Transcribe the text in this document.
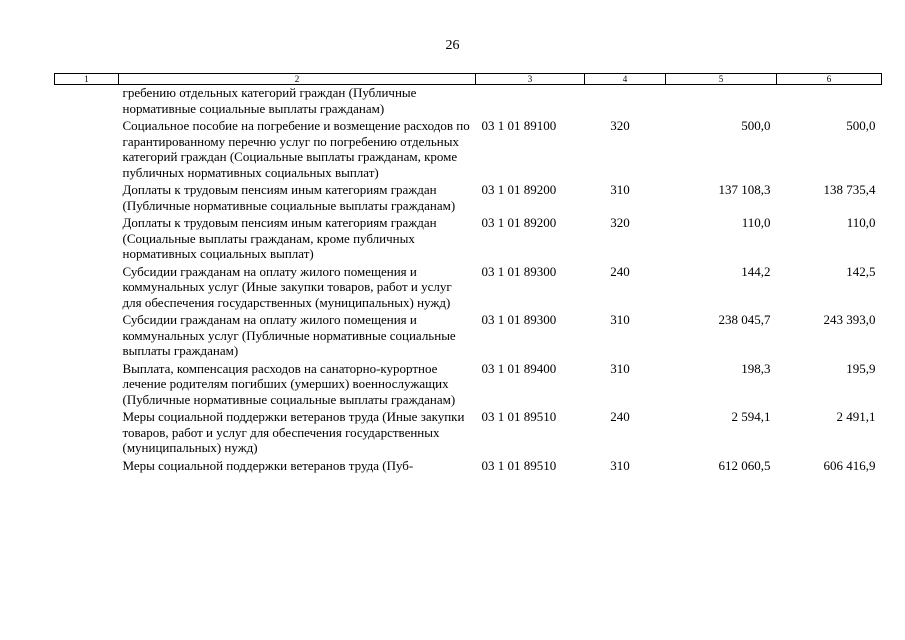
26
1	2	3	4	5	6
	гребению отдельных категорий граждан (Публичные нормативные социальные выплаты гражданам)				
	Социальное пособие на погребение и возмещение расходов по гарантированному перечню услуг по погребению отдельных категорий граждан (Социальные выплаты гражданам, кроме публичных нормативных социальных выплат)	03 1 01 89100	320	500,0	500,0
	Доплаты к трудовым пенсиям иным категориям граждан (Публичные нормативные социальные выплаты гражданам)	03 1 01 89200	310	137 108,3	138 735,4
	Доплаты к трудовым пенсиям иным категориям граждан (Социальные выплаты гражданам, кроме публичных нормативных социальных выплат)	03 1 01 89200	320	110,0	110,0
	Субсидии гражданам на оплату жилого помещения и коммунальных услуг (Иные закупки товаров, работ и услуг для обеспечения государственных (муниципальных) нужд)	03 1 01 89300	240	144,2	142,5
	Субсидии гражданам на оплату жилого помещения и коммунальных услуг (Публичные нормативные социальные выплаты гражданам)	03 1 01 89300	310	238 045,7	243 393,0
	Выплата, компенсация расходов на санаторно-курортное лечение родителям погибших (умерших) военнослужащих (Публичные нормативные социальные выплаты гражданам)	03 1 01 89400	310	198,3	195,9
	Меры социальной поддержки ветеранов труда (Иные закупки товаров, работ и услуг для обеспечения государственных (муниципальных) нужд)	03 1 01 89510	240	2 594,1	2 491,1
	Меры социальной поддержки ветеранов труда (Пуб-	03 1 01 89510	310	612 060,5	606 416,9
